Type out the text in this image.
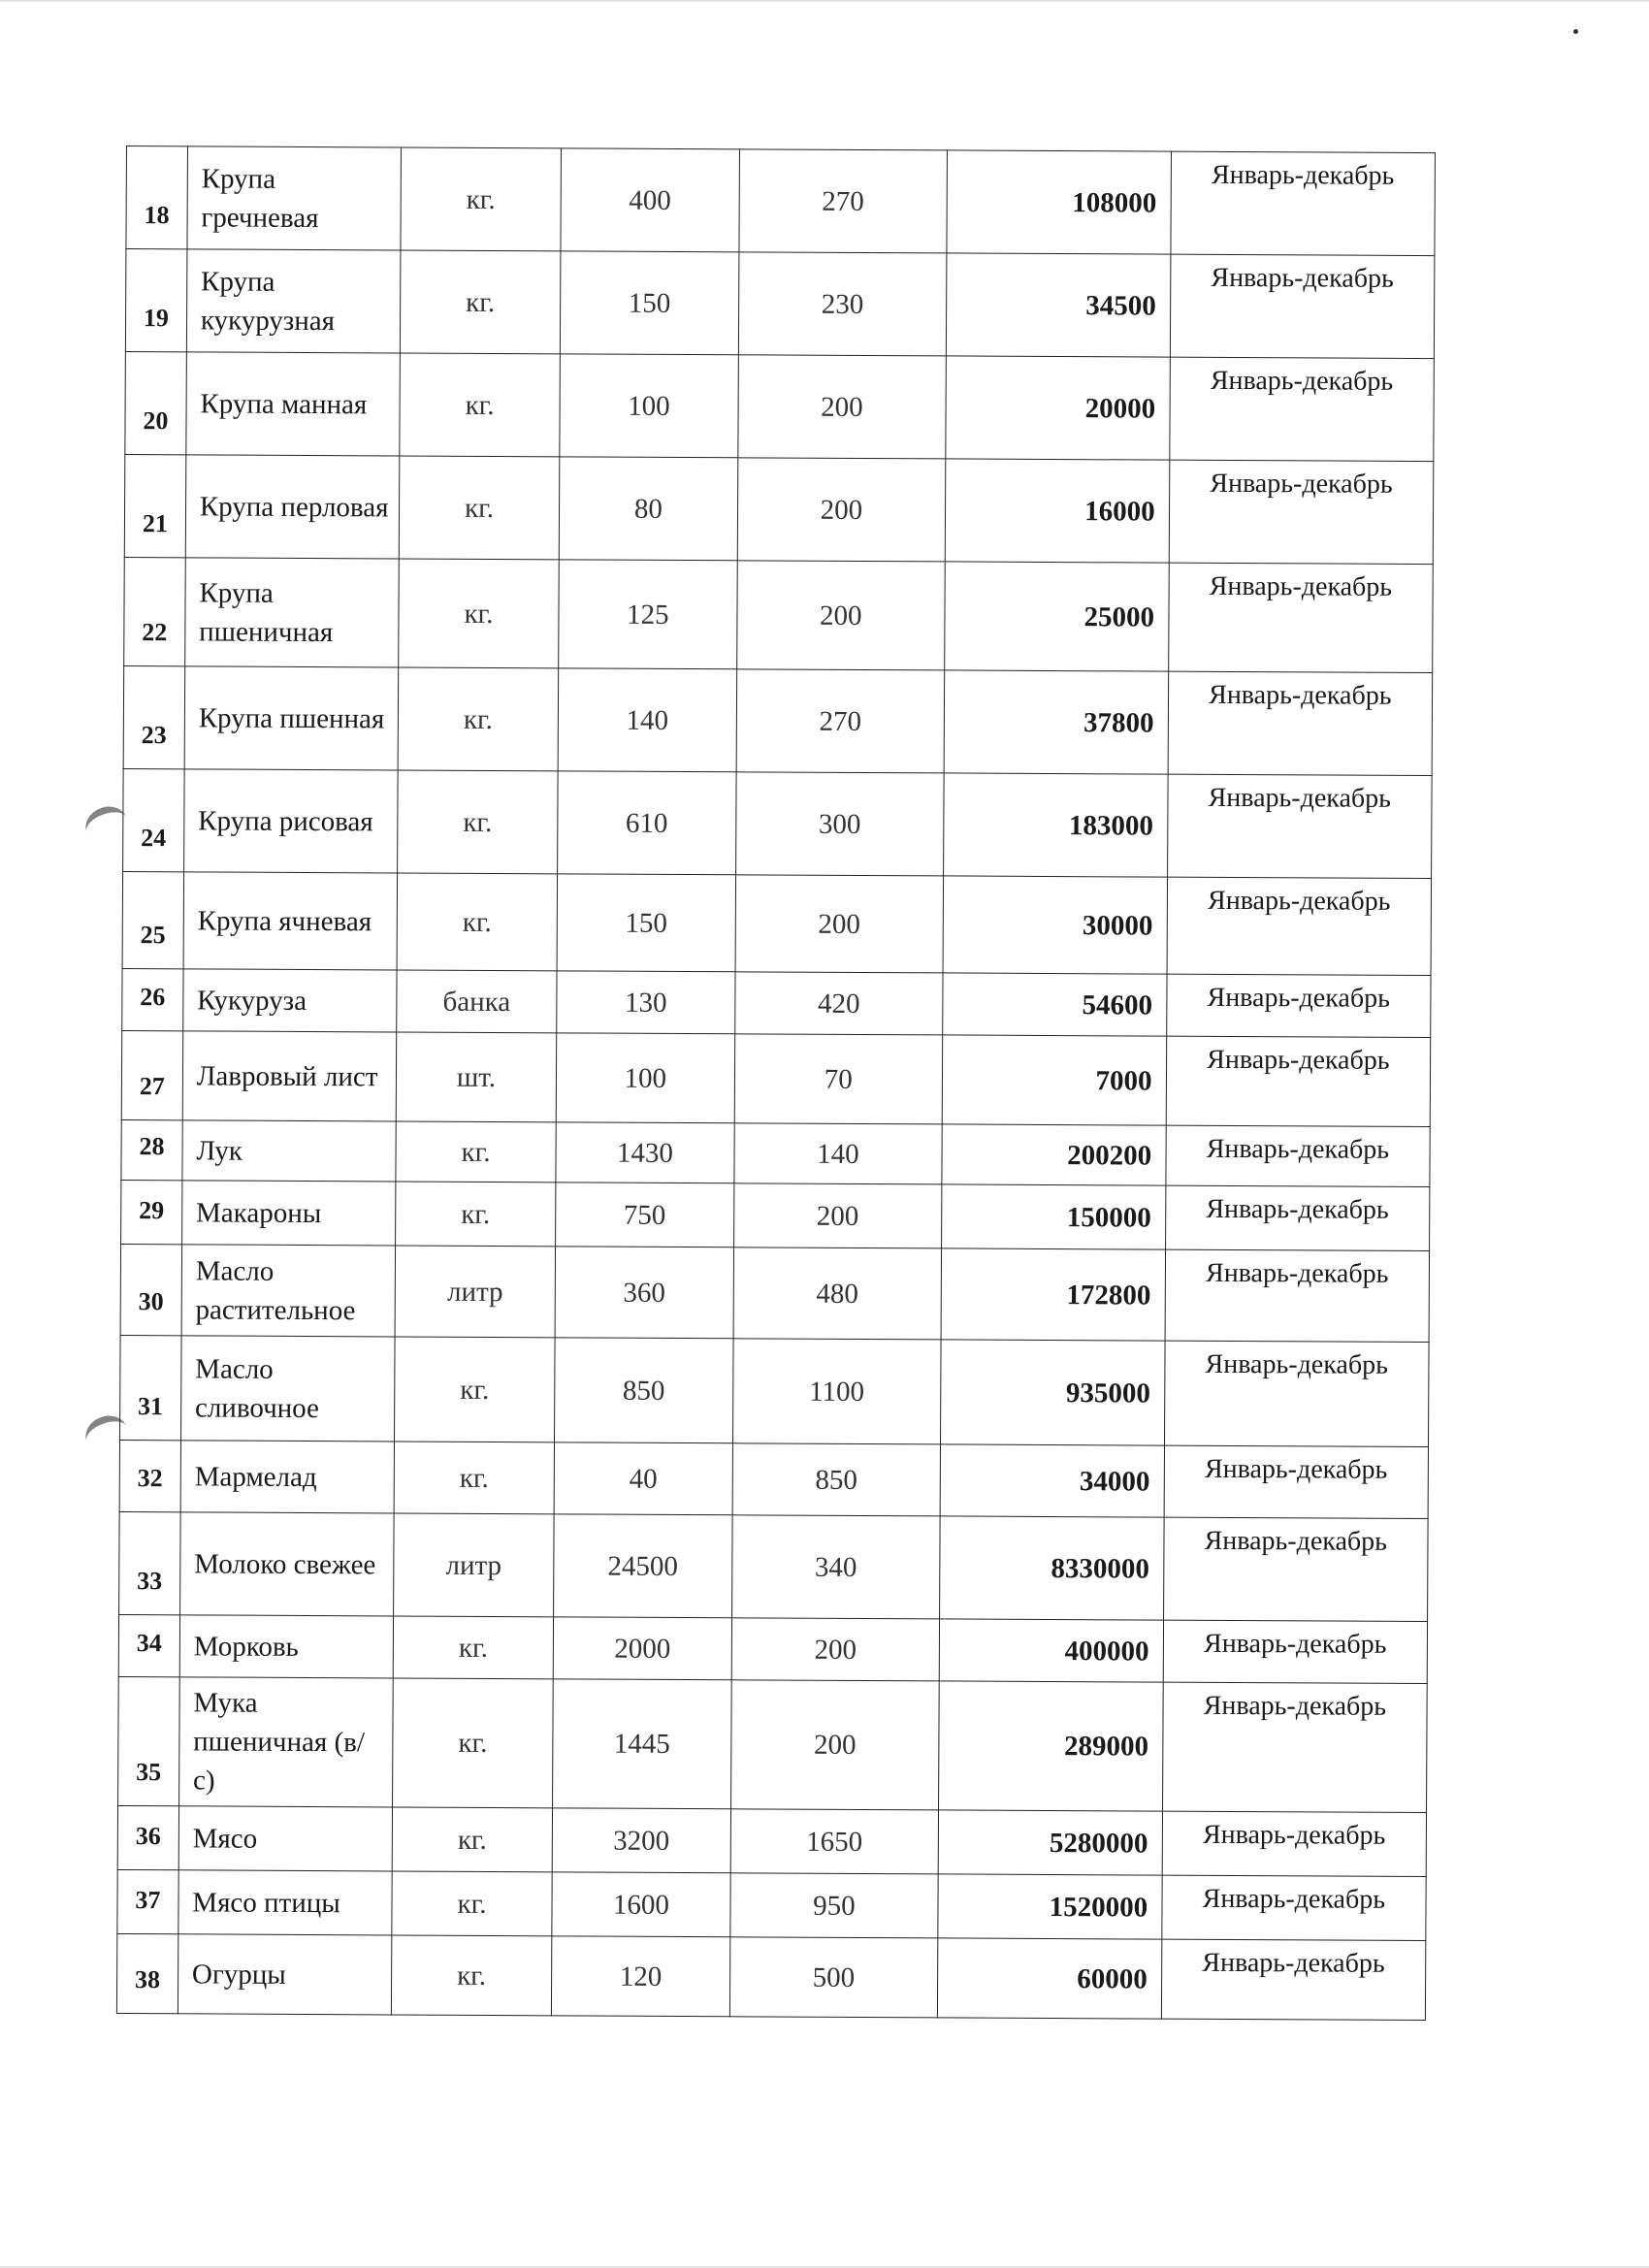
18	Крупа гречневая	кг.	400	270	108000	Январь-декабрь
19	Крупа кукурузная	кг.	150	230	34500	Январь-декабрь
20	Крупа манная	кг.	100	200	20000	Январь-декабрь
21	Крупа перловая	кг.	80	200	16000	Январь-декабрь
22	Крупа пшеничная	кг.	125	200	25000	Январь-декабрь
23	Крупа пшенная	кг.	140	270	37800	Январь-декабрь
24	Крупа рисовая	кг.	610	300	183000	Январь-декабрь
25	Крупа ячневая	кг.	150	200	30000	Январь-декабрь
26	Кукуруза	банка	130	420	54600	Январь-декабрь
27	Лавровый лист	шт.	100	70	7000	Январь-декабрь
28	Лук	кг.	1430	140	200200	Январь-декабрь
29	Макароны	кг.	750	200	150000	Январь-декабрь
30	Масло растительное	литр	360	480	172800	Январь-декабрь
31	Масло сливочное	кг.	850	1100	935000	Январь-декабрь
32	Мармелад	кг.	40	850	34000	Январь-декабрь
33	Молоко свежее	литр	24500	340	8330000	Январь-декабрь
34	Морковь	кг.	2000	200	400000	Январь-декабрь
35	Мука пшеничная (в/с)	кг.	1445	200	289000	Январь-декабрь
36	Мясо	кг.	3200	1650	5280000	Январь-декабрь
37	Мясо птицы	кг.	1600	950	1520000	Январь-декабрь
38	Огурцы	кг.	120	500	60000	Январь-декабрь
